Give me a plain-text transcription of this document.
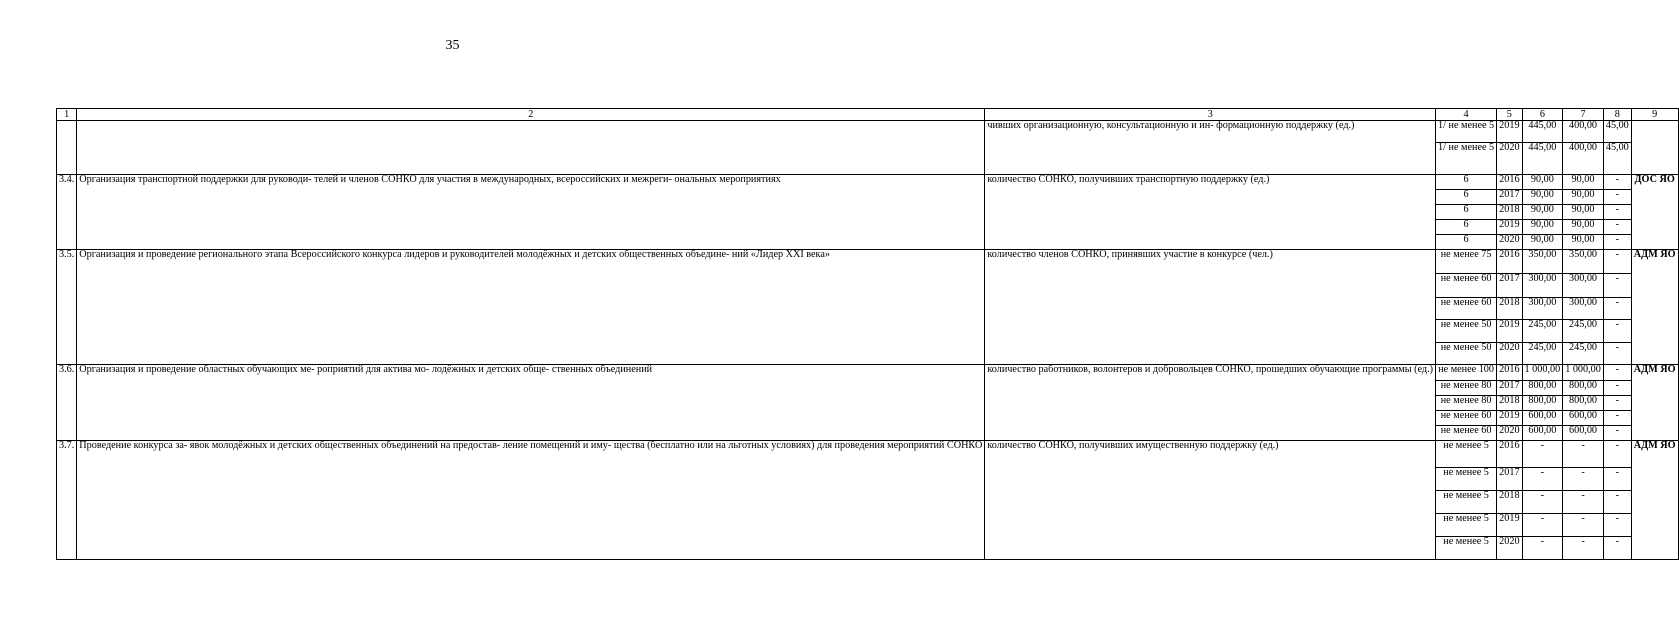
35
1	2	3	4	5	6	7	8	9
		чивших организационную, консультационную и ин- формационную поддержку (ед.)	1/ не менее 5	2019	445,00	400,00	45,00	
			1/ не менее 5	2020	445,00	400,00	45,00	
3.4.	Организация транспортной поддержки для руководи- телей и членов СОНКО для участия в международных, всероссийских и межреги- ональных мероприятиях	количество СОНКО, получивших транспортную поддержку (ед.)	6	2016	90,00	90,00	-	ДОС ЯО
			6	2017	90,00	90,00	-	
			6	2018	90,00	90,00	-	
			6	2019	90,00	90,00	-	
			6	2020	90,00	90,00	-	
3.5.	Организация и проведение регионального этапа Всероссийского конкурса лидеров и руководителей молодёжных и детских общественных объедине- ний «Лидер XXI века»	количество членов СОНКО, принявших участие в конкурсе (чел.)	не менее 75	2016	350,00	350,00	-	АДМ ЯО
			не менее 60	2017	300,00	300,00	-	
			не менее 60	2018	300,00	300,00	-	
			не менее 50	2019	245,00	245,00	-	
			не менее 50	2020	245,00	245,00	-	
3.6.	Организация и проведение областных обучающих ме- роприятий для актива мо- лодёжных и детских обще- ственных объединений	количество работников, волонтеров и добровольцев СОНКО, прошедших обучающие программы (ед.)	не менее 100	2016	1 000,00	1 000,00	-	АДМ ЯО
			не менее 80	2017	800,00	800,00	-	
			не менее 80	2018	800,00	800,00	-	
			не менее 60	2019	600,00	600,00	-	
			не менее 60	2020	600,00	600,00	-	
3.7.	Проведение конкурса за- явок молодёжных и детских общественных объединений на предостав- ление помещений и иму- щества (бесплатно или на льготных условиях) для проведения мероприятий СОНКО	количество СОНКО, получивших имущественную поддержку (ед.)	не менее 5	2016	-	-	-	АДМ ЯО
			не менее 5	2017	-	-	-	
			не менее 5	2018	-	-	-	
			не менее 5	2019	-	-	-	
			не менее 5	2020	-	-	-	
